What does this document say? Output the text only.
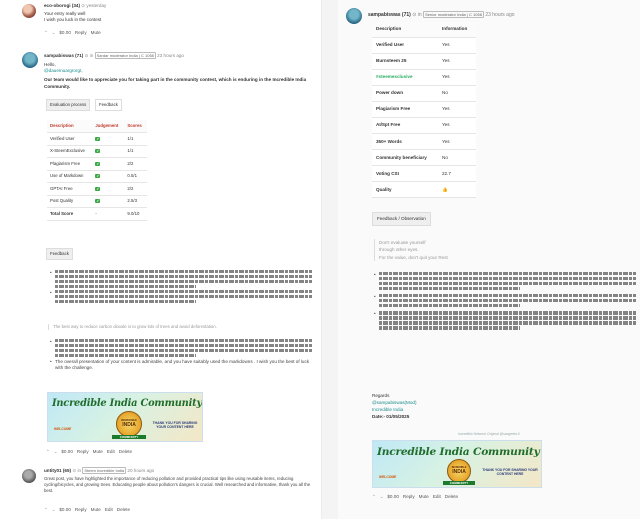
eco-oborogi (34) ⊙ yesterday
Your entry really well
I wish you luck in the contest
⌃ ⌄ $0.00 Reply Mute
sampabiswas (71) ⊙ in Sardar moderator India | C 1058 23 hours ago
Hello,
@dauemuargrorgt,
Our team would like to appreciate you for taking part in the community contest, which is enduring in the Incredible India Community.
Evaluation process	Feedback
Description	Judgement	Scores
Verified User	✓	1/1
X-SteemExclusive	✓	1/1
Plagiarism Free	✓	2/2
Use of Markdown	✓	0.5/1
GPTAI Free	✓	2/2
Post Quality	✓	2.5/3
Total Score	-	9.0/10
Feedback
•
•
The best way to reduce carbon dioxide is to grow lots of trees and avoid deforestation.
•
• The overall presentation of your content is admirable, and you have suitably used the markdowns . I wish you the best of luck with the challenge.
Incredible India Community
WELCOME
INCREDIBLE
INDIA
COMMUNITY
THANK YOU FOR SHARING YOUR CONTENT HERE
⌃ ⌄ $0.00 Reply Mute Edit Delete
untity01 (65) ⊙ in Steem Incredible India 20 hours ago
Great post, you have highlighted the importance of reducing pollution and provided practical tips like using reusable items, reducing cycling/bicycles, and growing trees. Educating people about pollution's dangers is crucial. Well researched and informative, thank you all the best.
⌃ ⌄ $0.00 Reply Mute Edit Delete
sampabiswas (71) ⊙ in Senior moderator India | C 1058 23 hours ago
Description	Information
Verified User	Yes
Burnsteem 25	Yes
#steemexclusive	Yes
Power down	No
Plagiarism Free	Yes
AI/Spt Free	Yes
350+ Words	Yes
Community beneficiary	No
Voting CSI	22.7
Quality	👍
Feedback / Observation
Don't evaluate yourself
through other eyes.
For the value, don't quit your Rest
•
•
•
Regards
@sampabiswas(Mod)
Incredible India
Date:- 01/05/2025
Incredible Network Original @sangeeto.ii
Incredible India Community
WELCOME
INCREDIBLE
INDIA
COMMUNITY
THANK YOU FOR SHARING YOUR CONTENT HERE
⌃ ⌄ $0.00 Reply Mute Edit Delete
